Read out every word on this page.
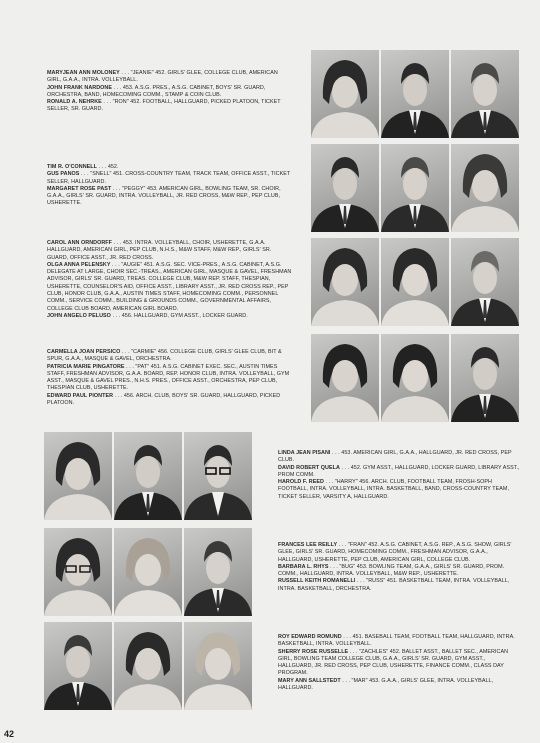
MARYJEAN ANN MOLONEY . . . "JEANIE" 452. GIRLS' GLEE, COLLEGE CLUB, AMERICAN GIRL, G.A.A., INTRA. VOLLEYBALL.

JOHN FRANK NARDONE . . . 453. A.S.G. PRES., A.S.G. CABINET, BOYS' SR. GUARD, ORCHESTRA, BAND, HOMECOMING COMM., STAMP & COIN CLUB.

RONALD A. NEHRKE . . . "RON" 452. FOOTBALL, HALLGUARD, PICKED PLATOON, TICKET SELLER, SR. GUARD.

TIM R. O'CONNELL . . . 452.

GUS PANOS . . . "SNELL" 451. CROSS-COUNTRY TEAM, TRACK TEAM, OFFICE ASST., TICKET SELLER, HALLGUARD.

MARGARET ROSE PAST . . . "PEGGY" 453. AMERICAN GIRL, BOWLING TEAM, SR. CHOIR, G.A.A., GIRLS' SR. GUARD, INTRA. VOLLEYBALL, JR. RED CROSS, M&W REP., PEP CLUB, USHERETTE.

CAROL ANN ORNDORFF . . . 453. INTRA. VOLLEYBALL, CHOIR, USHERETTE, G.A.A. HALLGUARD, AMERICAN GIRL, PEP CLUB, N.H.S., M&W STAFF, M&W REP., GIRLS' SR. GUARD, OFFICE ASST., JR. RED CROSS.

OLGA ANNA PELENSKY . . . "AUGIE" 451. A.S.G. SEC. VICE-PRES., A.S.G. CABINET, A.S.G. DELEGATE AT LARGE, CHOIR SEC.-TREAS., AMERICAN GIRL, MASQUE & GAVEL, FRESHMAN ADVISOR, GIRLS' SR. GUARD, TREAS. COLLEGE CLUB, M&W REP. STAFF, THESPIAN, USHERETTE, COUNSELOR'S AID, OFFICE ASST., LIBRARY ASST., JR. RED CROSS REP., PEP CLUB, HONOR CLUB, G.A.A., AUSTIN TIMES STAFF, HOMECOMING COMM., PERSONNEL COMM., SERVICE COMM., BUILDING & GROUNDS COMM., GOVERNMENTAL AFFAIRS, COLLEGE CLUB BOARD, AMERICAN GIRL BOARD.

JOHN ANGELO PELUSO . . . 456. HALLGUARD, GYM ASST., LOCKER GUARD.

CARMELLA JOAN PERSICO . . . "CARMIE" 456. COLLEGE CLUB, GIRLS' GLEE CLUB, BIT & SPUR, G.A.A., MASQUE & GAVEL, ORCHESTRA.

PATRICIA MARIE PINGATORE . . . "PAT" 451. A.S.G. CABINET EXEC. SEC., AUSTIN TIMES STAFF, FRESHMAN ADVISOR, G.A.A. BOARD, REP. HONOR CLUB, INTRA. VOLLEYBALL, GYM ASST., MASQUE & GAVEL PRES., N.H.S. PRES., OFFICE ASST., ORCHESTRA, PEP CLUB, THESPIAN CLUB, USHERETTE.

EDWARD PAUL PIONTER . . . 456. ARCH. CLUB, BOYS' SR. GUARD, HALLGUARD, PICKED PLATOON.

LINDA JEAN PISANI . . . 453. AMERICAN GIRL, G.A.A., HALLGUARD, JR. RED CROSS, PEP CLUB.

DAVID ROBERT QUELA . . . 452. GYM ASST., HALLGUARD, LOCKER GUARD, LIBRARY ASST., PROM COMM.

HAROLD F. REED . . . "HARRY" 456. ARCH. CLUB, FOOTBALL TEAM, FROSH-SOPH FOOTBALL, INTRA. VOLLEYBALL, INTRA. BASKETBALL, BAND, CROSS-COUNTRY TEAM, TICKET SELLER, VARSITY A, HALLGUARD.

FRANCES LEE REILLY . . . "FRAN" 452. A.S.G. CABINET, A.S.G. REP., A.S.G. SHOW, GIRLS' GLEE, GIRLS' SR. GUARD, HOMECOMING COMM., FRESHMAN ADVISOR, G.A.A., HALLGUARD, USHERETTE, PEP CLUB, AMERICAN GIRL, COLLEGE CLUB.

BARBARA L. RHYS . . . "BUG" 453. BOWLING TEAM, G.A.A., GIRLS' SR. GUARD, PROM. COMM., HALLGUARD, INTRA. VOLLEYBALL, M&W REP., USHERETTE.

RUSSELL KEITH ROMANELLI . . . "RUSS" 451. BASKETBALL TEAM, INTRA. VOLLEYBALL, INTRA. BASKETBALL, ORCHESTRA.

ROY EDWARD ROMUND . . . 451. BASEBALL TEAM, FOOTBALL TEAM, HALLGUARD, INTRA. BASKETBALL, INTRA. VOLLEYBALL.

SHERRY ROSE RUSSELLE . . . "ZACHLES" 452. BALLET ASST., BALLET SEC., AMERICAN GIRL, BOWLING TEAM COLLEGE CLUB, G.A.A., GIRLS' SR. GUARD, GYM ASST., HALLGUARD, JR. RED CROSS, PEP CLUB, USHERETTE, FINANCE COMM., CLASS DAY PROGRAM.

MARY ANN SALLSTEDT . . . "MAR" 453. G.A.A., GIRLS' GLEE, INTRA. VOLLEYBALL, HALLGUARD.

42
